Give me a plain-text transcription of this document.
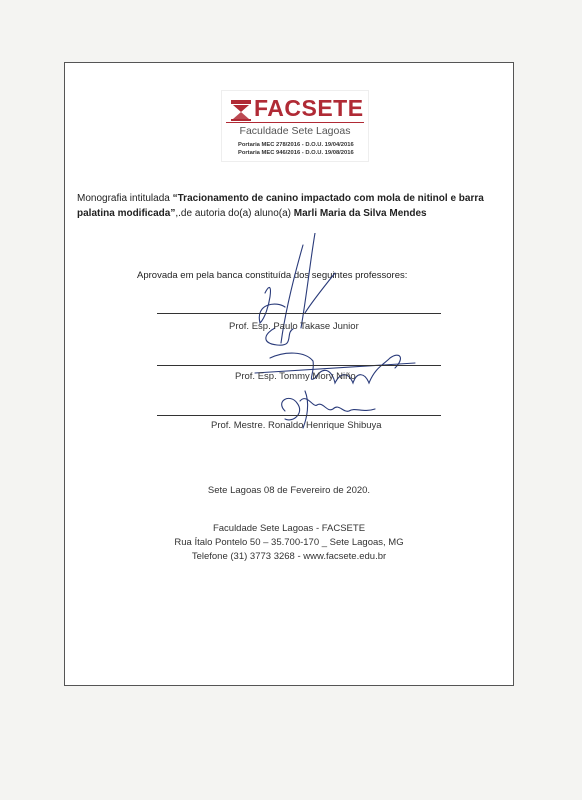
FACSETE
Faculdade Sete Lagoas
Portaria MEC 278/2016 - D.O.U. 19/04/2016
Portaria MEC 946/2016 - D.O.U. 19/08/2016
Monografia intitulada “Tracionamento de canino impactado com mola de nitinol e barra palatina modificada”,.de autoria do(a) aluno(a) Marli Maria da Silva Mendes
Aprovada em pela banca constituída dos seguintes professores:
Prof. Esp. Paulo Takase Junior
Prof. Esp. Tommy Mory Niño
Prof. Mestre. Ronaldo Henrique Shibuya
Sete Lagoas 08 de Fevereiro de 2020.
Faculdade Sete Lagoas - FACSETE
Rua Ítalo Pontelo 50 – 35.700-170 _ Sete Lagoas, MG
Telefone (31) 3773 3268 - www.facsete.edu.br
